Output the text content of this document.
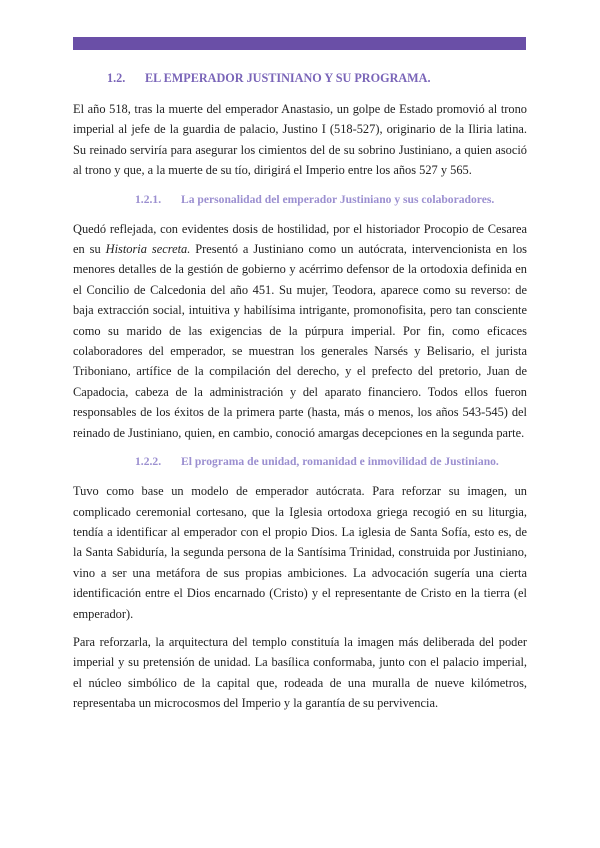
1.2. EL EMPERADOR JUSTINIANO Y SU PROGRAMA.

El año 518, tras la muerte del emperador Anastasio, un golpe de Estado promovió al trono imperial al jefe de la guardia de palacio, Justino I (518-527), originario de la Iliria latina. Su reinado serviría para asegurar los cimientos del de su sobrino Justiniano, a quien asoció al trono y que, a la muerte de su tío, dirigirá el Imperio entre los años 527 y 565.

1.2.1. La personalidad del emperador Justiniano y sus colaboradores.

Quedó reflejada, con evidentes dosis de hostilidad, por el historiador Procopio de Cesarea en su Historia secreta. Presentó a Justiniano como un autócrata, intervencionista en los menores detalles de la gestión de gobierno y acérrimo defensor de la ortodoxia definida en el Concilio de Calcedonia del año 451. Su mujer, Teodora, aparece como su reverso: de baja extracción social, intuitiva y habilísima intrigante, promonofisita, pero tan consciente como su marido de las exigencias de la púrpura imperial. Por fin, como eficaces colaboradores del emperador, se muestran los generales Narsés y Belisario, el jurista Triboniano, artífice de la compilación del derecho, y el prefecto del pretorio, Juan de Capadocia, cabeza de la administración y del aparato financiero. Todos ellos fueron responsables de los éxitos de la primera parte (hasta, más o menos, los años 543-545) del reinado de Justiniano, quien, en cambio, conoció amargas decepciones en la segunda parte.

1.2.2. El programa de unidad, romanidad e inmovilidad de Justiniano.

Tuvo como base un modelo de emperador autócrata. Para reforzar su imagen, un complicado ceremonial cortesano, que la Iglesia ortodoxa griega recogió en su liturgia, tendía a identificar al emperador con el propio Dios. La iglesia de Santa Sofía, esto es, de la Santa Sabiduría, la segunda persona de la Santísima Trinidad, construida por Justiniano, vino a ser una metáfora de sus propias ambiciones. La advocación sugería una cierta identificación entre el Dios encarnado (Cristo) y el representante de Cristo en la tierra (el emperador).

Para reforzarla, la arquitectura del templo constituía la imagen más deliberada del poder imperial y su pretensión de unidad. La basílica conformaba, junto con el palacio imperial, el núcleo simbólico de la capital que, rodeada de una muralla de nueve kilómetros, representaba un microcosmos del Imperio y la garantía de su pervivencia.
